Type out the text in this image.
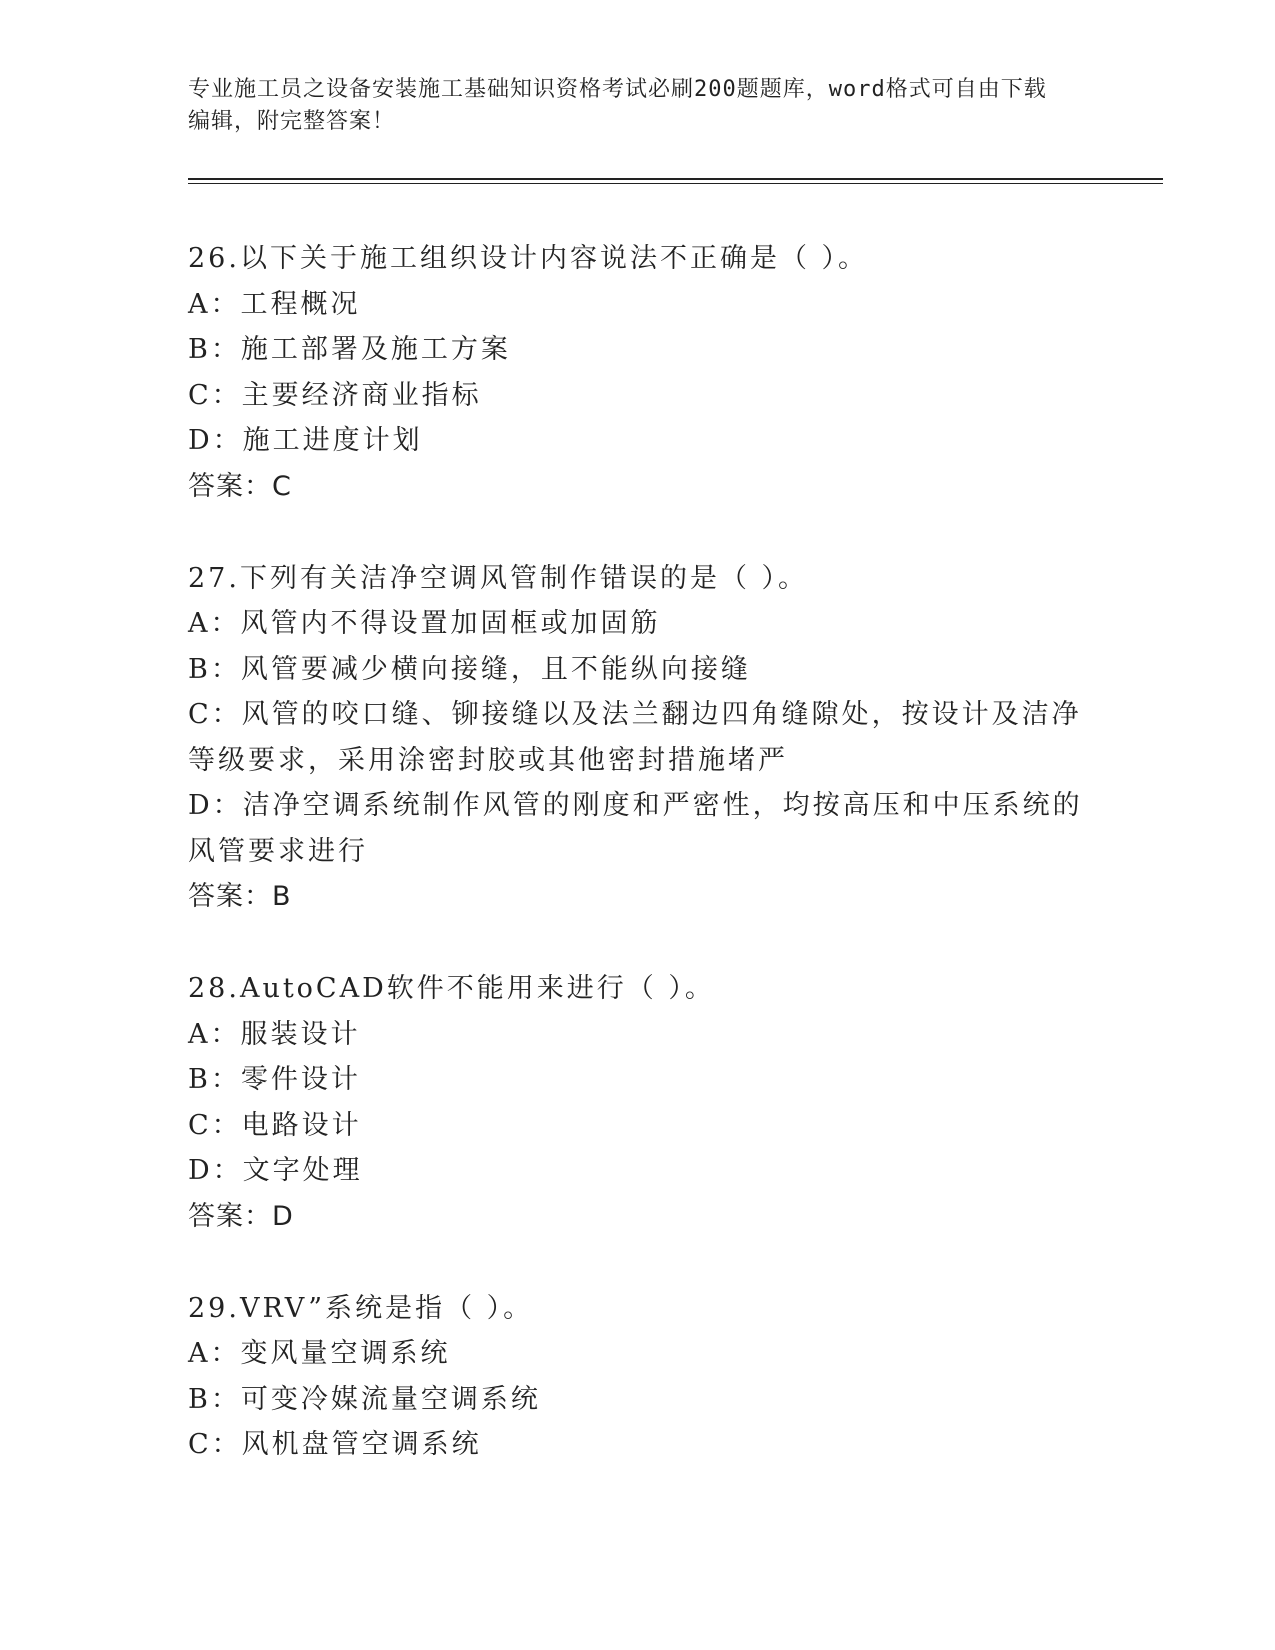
专业施工员之设备安装施工基础知识资格考试必刷200题题库，word格式可自由下载编辑，附完整答案！
26.以下关于施工组织设计内容说法不正确是（ ）。
A：工程概况
B：施工部署及施工方案
C：主要经济商业指标
D：施工进度计划
答案：C
27.下列有关洁净空调风管制作错误的是（ ）。
A：风管内不得设置加固框或加固筋
B：风管要减少横向接缝，且不能纵向接缝
C：风管的咬口缝、铆接缝以及法兰翻边四角缝隙处，按设计及洁净等级要求，采用涂密封胶或其他密封措施堵严
D：洁净空调系统制作风管的刚度和严密性，均按高压和中压系统的风管要求进行
答案：B
28.AutoCAD软件不能用来进行（ ）。
A：服装设计
B：零件设计
C：电路设计
D：文字处理
答案：D
29.VRV”系统是指（ ）。
A：变风量空调系统
B：可变冷媒流量空调系统
C：风机盘管空调系统
